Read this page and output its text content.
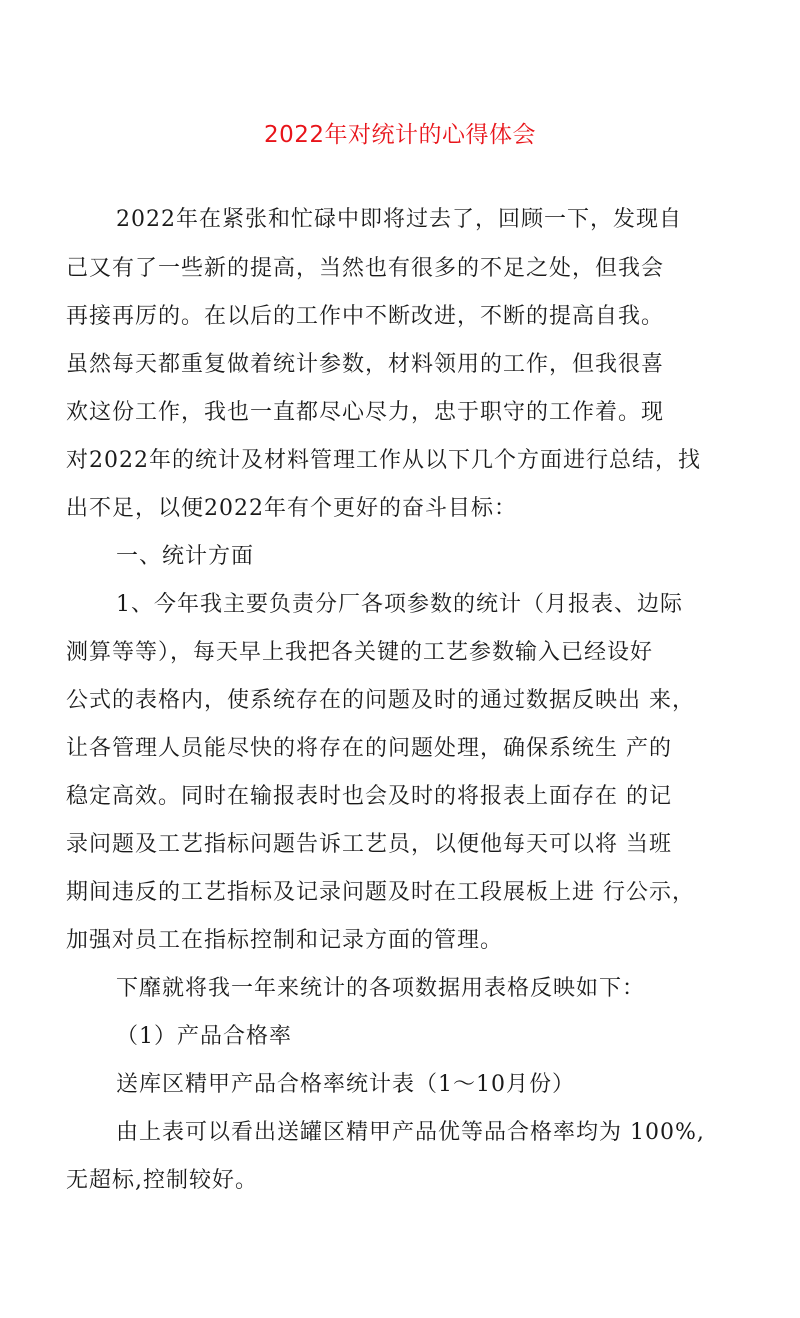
2022年对统计的心得体会
2022年在紧张和忙碌中即将过去了，回顾一下，发现自
己又有了一些新的提高，当然也有很多的不足之处，但我会
再接再厉的。在以后的工作中不断改进，不断的提高自我。
虽然每天都重复做着统计参数，材料领用的工作，但我很喜
欢这份工作，我也一直都尽心尽力，忠于职守的工作着。现
对2022年的统计及材料管理工作从以下几个方面进行总结，找
出不足，以便2022年有个更好的奋斗目标：
一、统计方面
1、今年我主要负责分厂各项参数的统计（月报表、边际
测算等等），每天早上我把各关键的工艺参数输入已经设好
公式的表格内，使系统存在的问题及时的通过数据反映出 来，
让各管理人员能尽快的将存在的问题处理，确保系统生 产的
稳定高效。同时在输报表时也会及时的将报表上面存在 的记
录问题及工艺指标问题告诉工艺员，以便他每天可以将 当班
期间违反的工艺指标及记录问题及时在工段展板上进 行公示，
加强对员工在指标控制和记录方面的管理。
下靡就将我一年来统计的各项数据用表格反映如下：
（1）产品合格率
送库区精甲产品合格率统计表（1〜10月份）
由上表可以看出送罐区精甲产品优等品合格率均为 100%,
无超标,控制较好。
